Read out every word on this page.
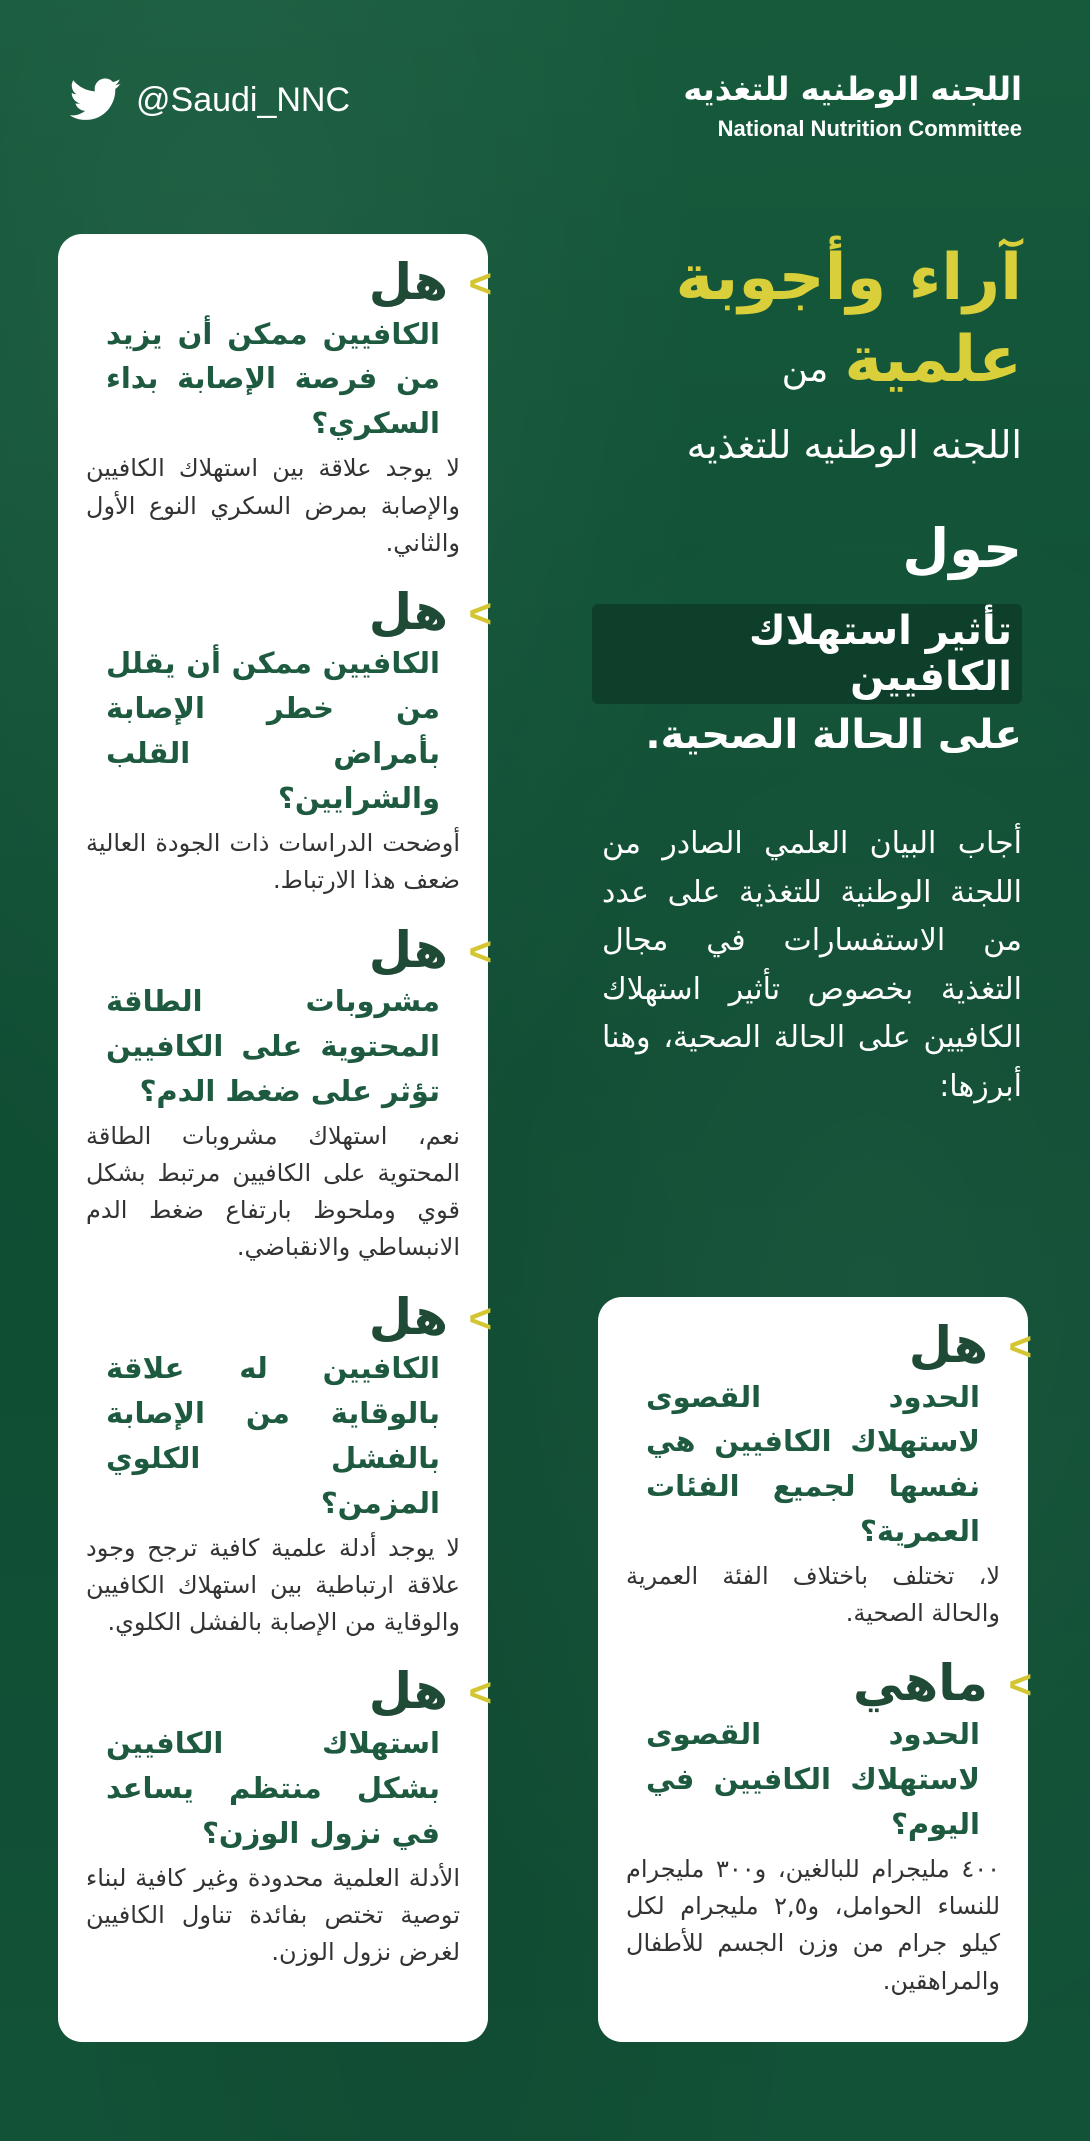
@Saudi_NNC	اللجنه الوطنيه للتغذيه
National Nutrition Committee
آراء وأجوبة
علمية
من
اللجنه الوطنيه للتغذيه
حول
تأثير استهلاك الكافيين
على الحالة الصحية.
أجاب البيان العلمي الصادر من اللجنة الوطنية للتغذية على عدد من الاستفسارات في مجال التغذية بخصوص تأثير استهلاك الكافيين على الحالة الصحية، وهنا أبرزها:
>
هل
الكافيين ممكن أن يزيد من فرصة الإصابة بداء السكري؟
لا يوجد علاقة بين استهلاك الكافيين والإصابة بمرض السكري النوع الأول والثاني.
>
هل
الكافيين ممكن أن يقلل من خطر الإصابة بأمراض القلب والشرايين؟
أوضحت الدراسات ذات الجودة العالية ضعف هذا الارتباط.
>
هل
مشروبات الطاقة المحتوية على الكافيين تؤثر على ضغط الدم؟
نعم، استهلاك مشروبات الطاقة المحتوية على الكافيين مرتبط بشكل قوي وملحوظ بارتفاع ضغط الدم الانبساطي والانقباضي.
>
هل
الكافيين له علاقة بالوقاية من الإصابة بالفشل الكلوي المزمن؟
لا يوجد أدلة علمية كافية ترجح وجود علاقة ارتباطية بين استهلاك الكافيين والوقاية من الإصابة بالفشل الكلوي.
>
هل
استهلاك الكافيين بشكل منتظم يساعد في نزول الوزن؟
الأدلة العلمية محدودة وغير كافية لبناء توصية تختص بفائدة تناول الكافيين لغرض نزول الوزن.
>
هل
الحدود القصوى لاستهلاك الكافيين هي نفسها لجميع الفئات العمرية؟
لا، تختلف باختلاف الفئة العمرية والحالة الصحية.
>
ماهي
الحدود القصوى لاستهلاك الكافيين في اليوم؟
٤٠٠ مليجرام للبالغين، و٣٠٠ مليجرام للنساء الحوامل، و٢,٥ مليجرام لكل كيلو جرام من وزن الجسم للأطفال والمراهقين.
